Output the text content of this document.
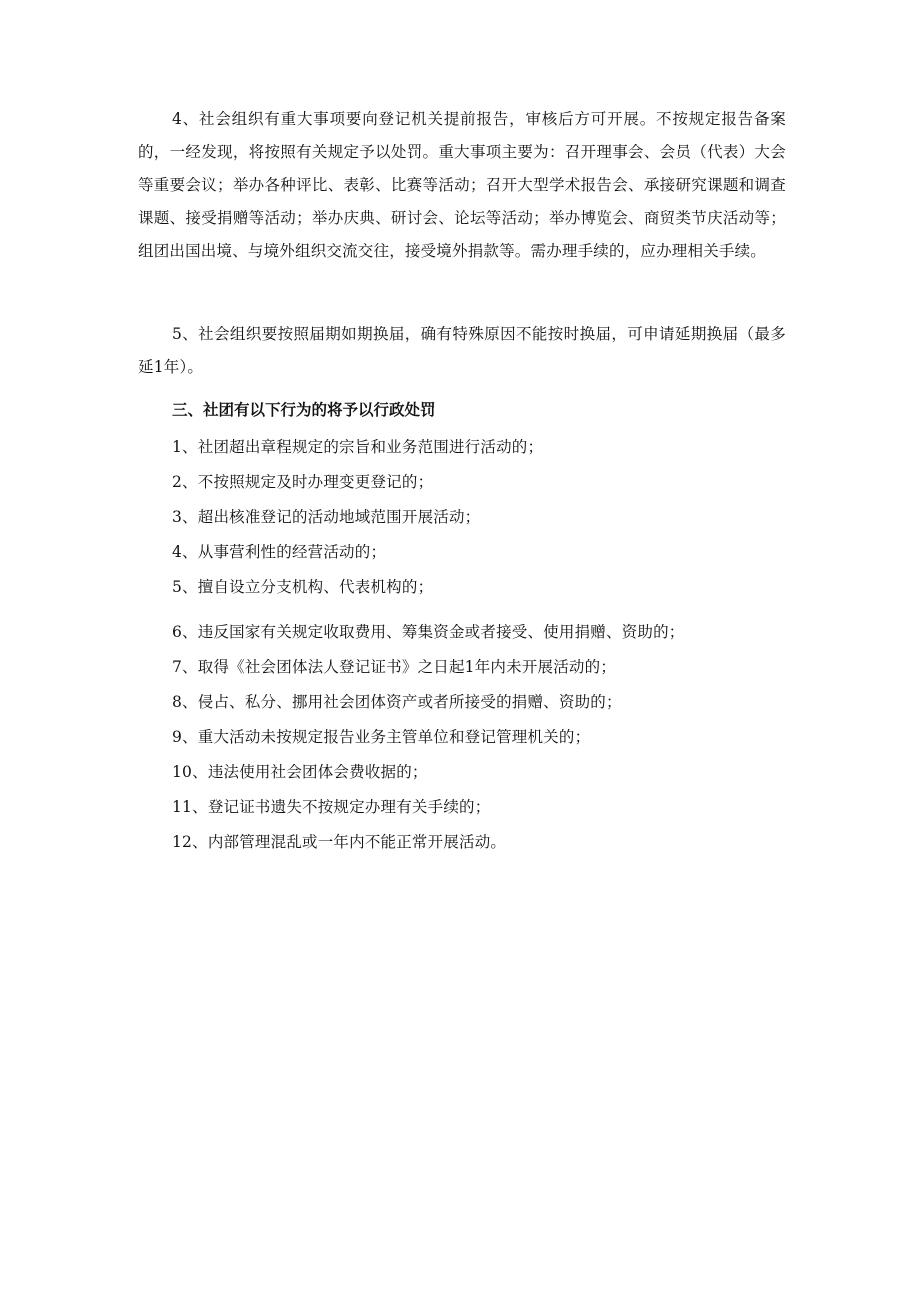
4、社会组织有重大事项要向登记机关提前报告，审核后方可开展。不按规定报告备案的，一经发现，将按照有关规定予以处罚。重大事项主要为：召开理事会、会员（代表）大会等重要会议；举办各种评比、表彰、比赛等活动；召开大型学术报告会、承接研究课题和调查课题、接受捐赠等活动；举办庆典、研讨会、论坛等活动；举办博览会、商贸类节庆活动等；组团出国出境、与境外组织交流交往，接受境外捐款等。需办理手续的，应办理相关手续。

5、社会组织要按照届期如期换届，确有特殊原因不能按时换届，可申请延期换届（最多延1年）。

三、社团有以下行为的将予以行政处罚

1、社团超出章程规定的宗旨和业务范围进行活动的；

2、不按照规定及时办理变更登记的；

3、超出核准登记的活动地域范围开展活动；

4、从事营利性的经营活动的；

5、擅自设立分支机构、代表机构的；

6、违反国家有关规定收取费用、筹集资金或者接受、使用捐赠、资助的；

7、取得《社会团体法人登记证书》之日起1年内未开展活动的；

8、侵占、私分、挪用社会团体资产或者所接受的捐赠、资助的；

9、重大活动未按规定报告业务主管单位和登记管理机关的；

10、违法使用社会团体会费收据的；

11、登记证书遗失不按规定办理有关手续的；

12、内部管理混乱或一年内不能正常开展活动。
